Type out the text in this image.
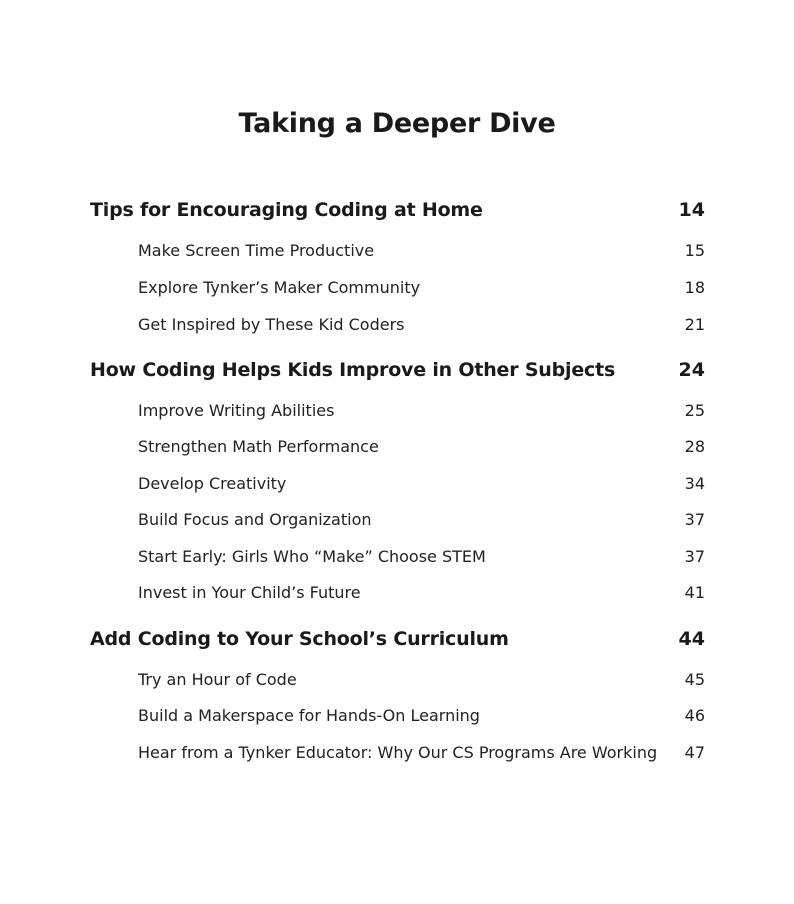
Taking a Deeper Dive
Tips for Encouraging Coding at Home	14
Make Screen Time Productive	15
Explore Tynker’s Maker Community	18
Get Inspired by These Kid Coders	21
How Coding Helps Kids Improve in Other Subjects	24
Improve Writing Abilities	25
Strengthen Math Performance	28
Develop Creativity	34
Build Focus and Organization	37
Start Early: Girls Who “Make” Choose STEM	37
Invest in Your Child’s Future	41
Add Coding to Your School’s Curriculum	44
Try an Hour of Code	45
Build a Makerspace for Hands-On Learning	46
Hear from a Tynker Educator: Why Our CS Programs Are Working 47
